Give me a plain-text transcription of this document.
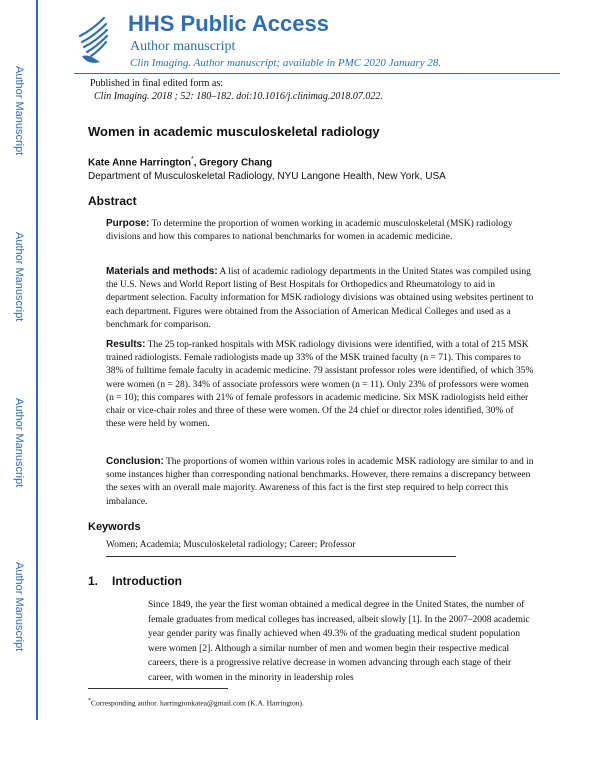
Author Manuscript
Author Manuscript
Author Manuscript
Author Manuscript
HHS Public Access
Author manuscript
Clin Imaging. Author manuscript; available in PMC 2020 January 28.
Published in final edited form as:
Clin Imaging. 2018 ; 52: 180–182. doi:10.1016/j.clinimag.2018.07.022.
Women in academic musculoskeletal radiology
Kate Anne Harrington*, Gregory Chang
Department of Musculoskeletal Radiology, NYU Langone Health, New York, USA
Abstract
Purpose: To determine the proportion of women working in academic musculoskeletal (MSK) radiology divisions and how this compares to national benchmarks for women in academic medicine.
Materials and methods: A list of academic radiology departments in the United States was compiled using the U.S. News and World Report listing of Best Hospitals for Orthopedics and Rheumatology to aid in department selection. Faculty information for MSK radiology divisions was obtained using websites pertinent to each department. Figures were obtained from the Association of American Medical Colleges and used as a benchmark for comparison.
Results: The 25 top-ranked hospitals with MSK radiology divisions were identified, with a total of 215 MSK trained radiologists. Female radiologists made up 33% of the MSK trained faculty (n = 71). This compares to 38% of fulltime female faculty in academic medicine. 79 assistant professor roles were identified, of which 35% were women (n = 28). 34% of associate professors were women (n = 11). Only 23% of professors were women (n = 10); this compares with 21% of female professors in academic medicine. Six MSK radiologists held either chair or vice-chair roles and three of these were women. Of the 24 chief or director roles identified, 30% of these were held by women.
Conclusion: The proportions of women within various roles in academic MSK radiology are similar to and in some instances higher than corresponding national benchmarks. However, there remains a discrepancy between the sexes with an overall male majority. Awareness of this fact is the first step required to help correct this imbalance.
Keywords
Women; Academia; Musculoskeletal radiology; Career; Professor
1. Introduction
Since 1849, the year the first woman obtained a medical degree in the United States, the number of female graduates from medical colleges has increased, albeit slowly [1]. In the 2007–2008 academic year gender parity was finally achieved when 49.3% of the graduating medical student population were women [2]. Although a similar number of men and women begin their respective medical careers, there is a progressive relative decrease in women advancing through each stage of their career, with women in the minority in leadership roles
*Corresponding author. harringtonkatea@gmail.com (K.A. Harrington).
